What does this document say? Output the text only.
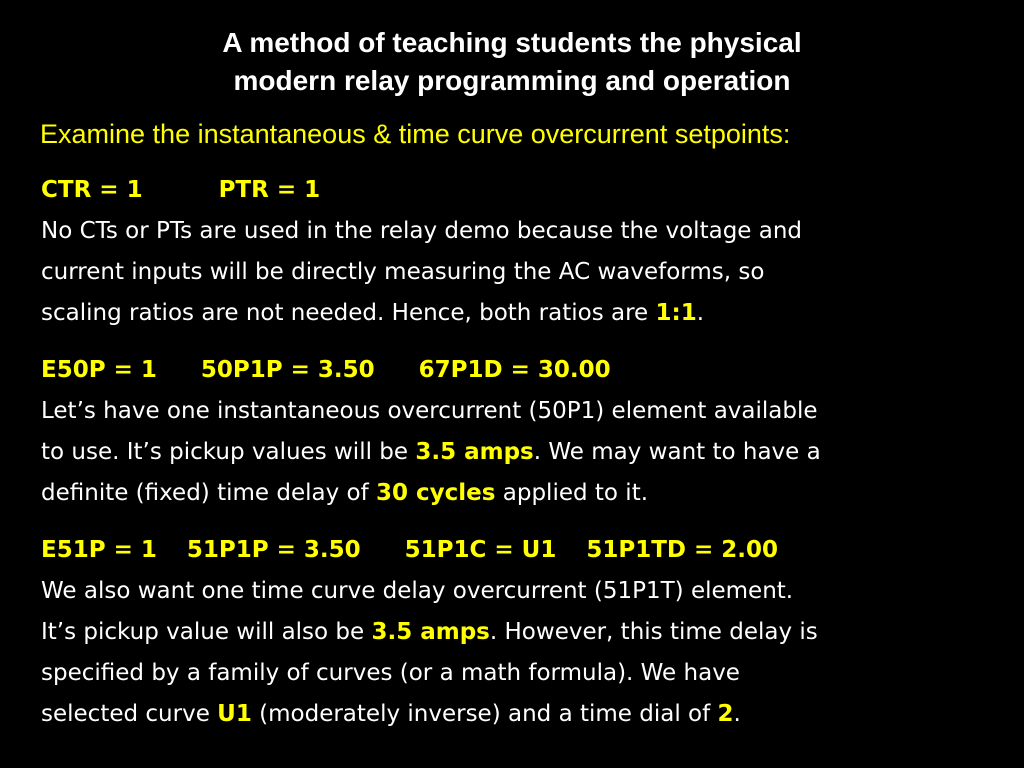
A method of teaching students the physical
modern relay programming and operation
Examine the instantaneous & time curve overcurrent setpoints:
CTR = 1	PTR = 1
No CTs or PTs are used in the relay demo because the voltage and
current inputs will be directly measuring the AC waveforms, so
scaling ratios are not needed. Hence, both ratios are 1:1.
E50P = 1 50P1P = 3.50 67P1D = 30.00
Let’s have one instantaneous overcurrent (50P1) element available
to use. It’s pickup values will be 3.5 amps. We may want to have a
definite (fixed) time delay of 30 cycles applied to it.
E51P = 1 51P1P = 3.50 51P1C = U1 51P1TD = 2.00
We also want one time curve delay overcurrent (51P1T) element.
It’s pickup value will also be 3.5 amps. However, this time delay is
specified by a family of curves (or a math formula). We have
selected curve U1 (moderately inverse) and a time dial of 2.
